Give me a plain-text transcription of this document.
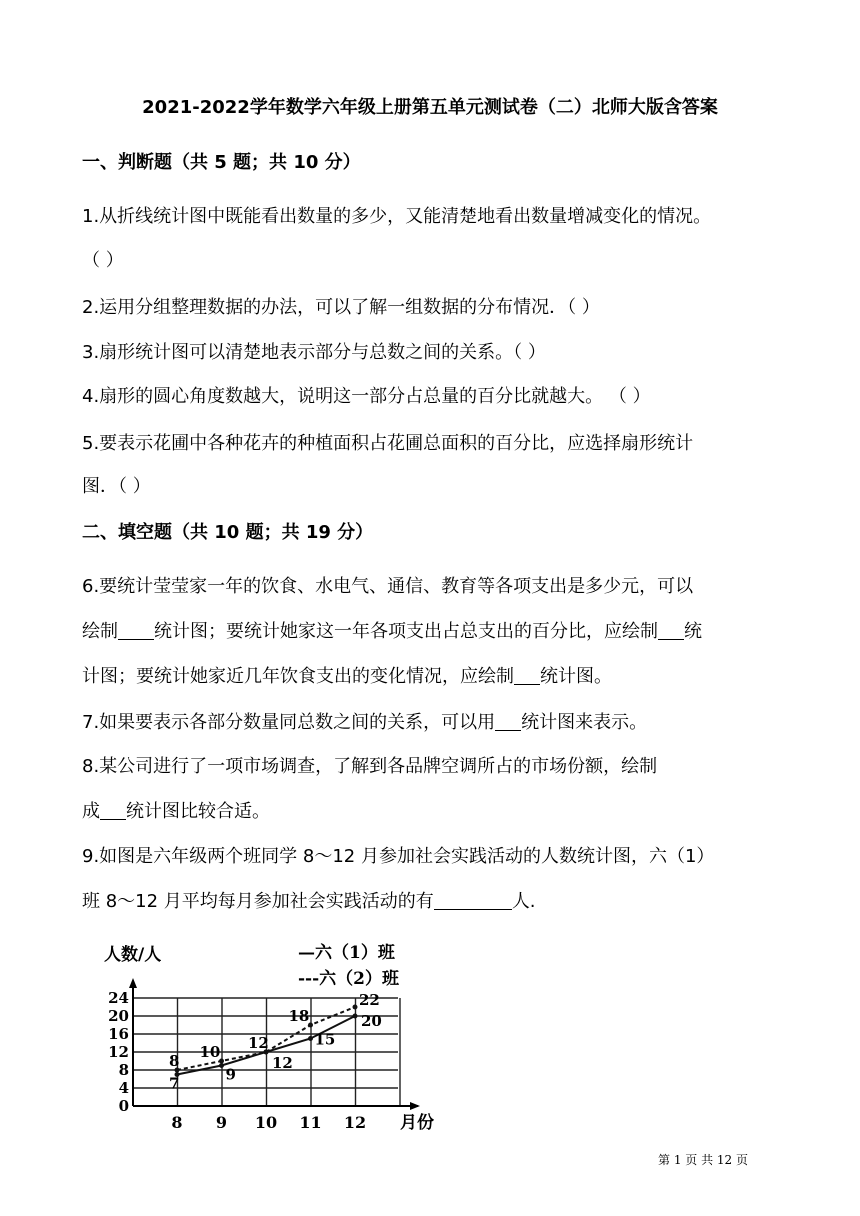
2021-2022学年数学六年级上册第五单元测试卷（二）北师大版含答案
一、判断题（共 5 题；共 10 分）
1.从折线统计图中既能看出数量的多少，又能清楚地看出数量增减变化的情况。
（ ）
2.运用分组整理数据的办法，可以了解一组数据的分布情况．（ ）
3.扇形统计图可以清楚地表示部分与总数之间的关系。（ ）
4.扇形的圆心角度数越大，说明这一部分占总量的百分比就越大。 （ ）
5.要表示花圃中各种花卉的种植面积占花圃总面积的百分比，应选择扇形统计
图．（ ）
二、填空题（共 10 题；共 19 分）
6.要统计莹莹家一年的饮食、水电气、通信、教育等各项支出是多少元，可以
绘制 统计图；要统计她家这一年各项支出占总支出的百分比，应绘制 统
计图；要统计她家近几年饮食支出的变化情况，应绘制 统计图。
7.如果要表示各部分数量同总数之间的关系，可以用 统计图来表示。
8.某公司进行了一项市场调查，了解到各品牌空调所占的市场份额，绘制
成 统计图比较合适。
9.如图是六年级两个班同学 8～12 月参加社会实践活动的人数统计图，六（1）
班 8～12 月平均每月参加社会实践活动的有	人.
0
4
8
12
16
20
24
8 9 10 11 12
7	9
12
15
20
8 10 12
18
22
人数/人
月份
—六（1）班
---六（2）班
第 1 页 共 12 页
